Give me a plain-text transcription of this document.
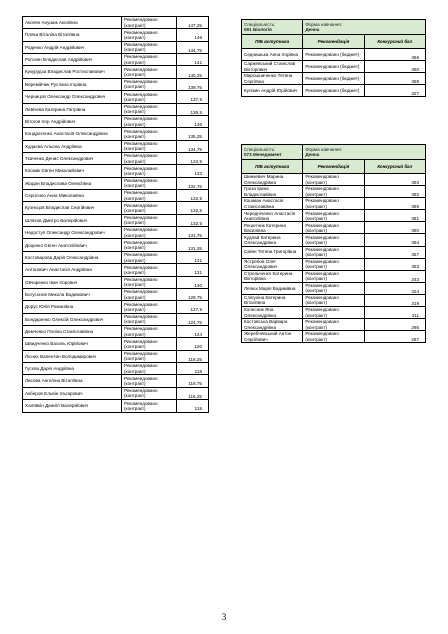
Акопян Анушик Акопівна	Рекомендовано (контракт)	147,25
Пляка Віталіна Віталіївна	Рекомендовано (контракт)	146
Роденко Андрій Андрійович	Рекомендовано (контракт)	144,75
Рогозян Владислав Андрійович	Рекомендовано (контракт)	141
Кукурудза Владислав Ростиславович	Рекомендовано (контракт)	140,25
Веремійчик Руслана Ігорівна	Рекомендовано (контракт)	139,75
Черницов Олександр Олександрович	Рекомендовано (контракт)	137,5
Левічева Катерина Петрівна	Рекомендовано (контракт)	136,5
Вітогов Ігор Андрійович	Рекомендовано (контракт)	136
Кондратенко Анастасія Олександрівна	Рекомендовано (контракт)	135,25
Худаєва Альона Андріївна	Рекомендовано (контракт)	134,75
Ткаченко Денис Олександрович	Рекомендовано (контракт)	134,5
Космик Євген Миколайович	Рекомендовано (контракт)	133
Жадан Владислава Олексіївна	Рекомендовано (контракт)	132,75
Сергієнко Анна Миколаївна	Рекомендовано (контракт)	132,5
Кузнєцов Владислав Сергійович	Рекомендовано (контракт)	132,5
Шляхов Дмитро Валерійович	Рекомендовано (контракт)	132,5
Недоступ Олександр Олександрович	Рекомендовано (контракт)	131,75
Доценко Євген Анатолійович	Рекомендовано (контракт)	131,25
Костоварова Дарія Олександрівна	Рекомендовано (контракт)	131
Антонович Анастасія Андріївна	Рекомендовано (контракт)	131
Овчаренко Іван Ігорович	Рекомендовано (контракт)	130
Богусонов Микола Вадимович	Рекомендовано (контракт)	129,75
Дорус Юлія Романівна	Рекомендовано (контракт)	127,5
Бондаренко Олексій Олександрович	Рекомендовано (контракт)	124,75
Демченко Поліна Станіславівна	Рекомендовано (контракт)	124
Швидченко Василь Юрійович	Рекомендовано (контракт)	120
Лісних Валентин Володимирович	Рекомендовано (контракт)	118,25
Гусєва Дарія Андріївна	Рекомендовано (контракт)	118
Лисова Ангеліна Віталіївна	Рекомендовано (контракт)	116,75
Акберов Ельвін Ільгарович	Рекомендовано (контракт)	116,25
Халявкін Даниїл Валерійович	Рекомендовано (контракт)	115
Спеціальність:
091 Біологія	Форма навчання:
Денна	

ПІБ вступника	Рекомендація	Конкурсний бал
Седнишька Анна Ігорівна	Рекомендовано (бюджет)	366
Саржевський Станіслав Вікторович	Рекомендовано (бюджет)	360
Мирошниченко Тетяна Сергіївна	Рекомендовано (бюджет)	358
Кулікин Андрій Юрійович	Рекомендовано (бюджет)	327
Спеціальність:
073 Менеджмент	Форма навчання:
Денна	

ПІБ вступника	Рекомендація	Конкурсний бал
Шинкевич Марина Олександрівна	Рекомендовано (контракт)	393
Гроза Ірина Владиславівна	Рекомендовано (контракт)	392
Кошман Анастасія Станіславівна	Рекомендовано (контракт)	385
Чередніченко Анастасія Анатоліївна	Рекомендовано (контракт)	381
Решетник Катерина Василівна	Рекомендовано (контракт)	380
Кудлай Катерина Олександрівна	Рекомендовано (контракт)	364
Сміян Тетяна Григорівна	Рекомендовано (контракт)	357
Ястребов Олег Олександрович	Рекомендовано (контракт)	353
Стрельченко Катерина Вікторівна	Рекомендовано (контракт)	343
Лепюх Марія Вадимівна	Рекомендовано (контракт)	324
Сліпухіна Катерина Віталіївна	Рекомендовано (контракт)	319
Колесник Яна Олександрівна	Рекомендовано (контракт)	311
Костовська Варвара Олександрівна	Рекомендовано (контракт)	295
Жеребчевський Антон Сергійович	Рекомендовано (контракт)	287
3
